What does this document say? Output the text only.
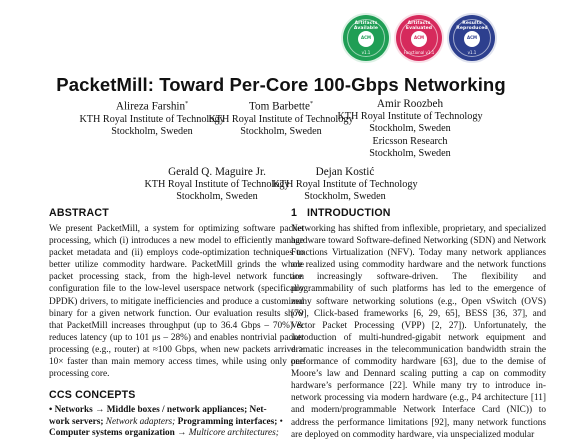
Artifacts Available
ACM
v1.1
Artifacts Evaluated
ACM
Functional v1.1
Results Reproduced
ACM
v1.1
PacketMill: Toward Per-Core 100-Gbps Networking
Alireza Farshin*
KTH Royal Institute of Technology
Stockholm, Sweden
Tom Barbette*
KTH Royal Institute of Technology
Stockholm, Sweden
Amir Roozbeh
KTH Royal Institute of Technology
Stockholm, Sweden
Ericsson Research
Stockholm, Sweden
Gerald Q. Maguire Jr.
KTH Royal Institute of Technology
Stockholm, Sweden
Dejan Kostić
KTH Royal Institute of Technology
Stockholm, Sweden
ABSTRACT
We present PacketMill, a system for optimizing software packet processing, which (i) introduces a new model to efficiently manage packet metadata and (ii) employs code-optimization techniques to better utilize commodity hardware. PacketMill grinds the whole packet processing stack, from the high-level network function configuration file to the low-level userspace network (specifically DPDK) drivers, to mitigate inefficiencies and produce a customized binary for a given network function. Our evaluation results show that PacketMill increases throughput (up to 36.4 Gbps – 70%) & reduces latency (up to 101 μs – 28%) and enables nontrivial packet processing (e.g., router) at ≈100 Gbps, when new packets arrive > 10× faster than main memory access times, while using only one processing core.
CCS CONCEPTS
• Networks → Middle boxes / network appliances; Net-
work servers; Network adapters; Programming interfaces; •
Computer systems organization → Multicore architectures;
1 INTRODUCTION
Networking has shifted from inflexible, proprietary, and specialized hardware toward Software-defined Networking (SDN) and Network Functions Virtualization (NFV). Today many network appliances are realized using commodity hardware and the network functions are increasingly software-driven. The flexibility and programmability of such platforms has led to the emergence of many software networking solutions (e.g., Open vSwitch (OVS) [79], Click-based frameworks [6, 29, 65], BESS [36, 37], and Vector Packet Processing (VPP) [2, 27]). Unfortunately, the introduction of multi-hundred-gigabit network equipment and dramatic increases in the telecommunication bandwidth strain the performance of commodity hardware [63], due to the demise of Moore’s law and Dennard scaling putting a cap on commodity hardware’s performance [22]. While many try to introduce in-network processing via modern hardware (e.g., P4 architecture [11] and modern/programmable Network Interface Card (NIC)) to address the performance limitations [92], many network functions are deployed on commodity hardware, via unspecialized modular
